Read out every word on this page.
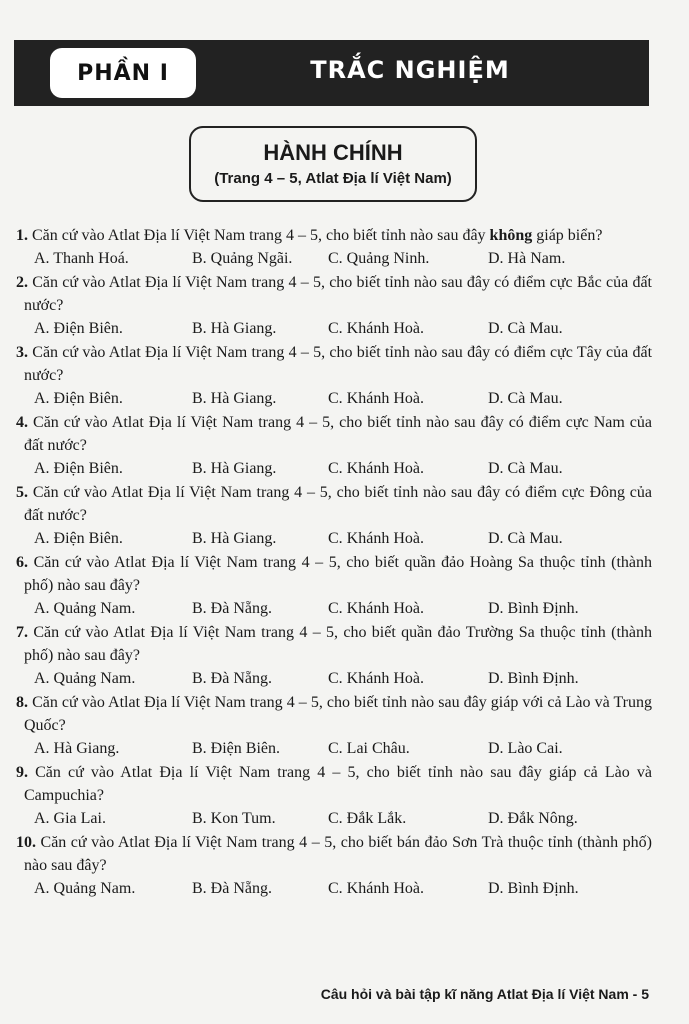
PHẦN I	TRẮC NGHIỆM
HÀNH CHÍNH
(Trang 4 – 5, Atlat Địa lí Việt Nam)
1. Căn cứ vào Atlat Địa lí Việt Nam trang 4 – 5, cho biết tỉnh nào sau đây không giáp biển?
A. Thanh Hoá.	B. Quảng Ngãi.	C. Quảng Ninh.	D. Hà Nam.
2. Căn cứ vào Atlat Địa lí Việt Nam trang 4 – 5, cho biết tỉnh nào sau đây có điểm cực Bắc của đất nước?
A. Điện Biên.	B. Hà Giang.	C. Khánh Hoà.	D. Cà Mau.
3. Căn cứ vào Atlat Địa lí Việt Nam trang 4 – 5, cho biết tỉnh nào sau đây có điểm cực Tây của đất nước?
A. Điện Biên.	B. Hà Giang.	C. Khánh Hoà.	D. Cà Mau.
4. Căn cứ vào Atlat Địa lí Việt Nam trang 4 – 5, cho biết tỉnh nào sau đây có điểm cực Nam của đất nước?
A. Điện Biên.	B. Hà Giang.	C. Khánh Hoà.	D. Cà Mau.
5. Căn cứ vào Atlat Địa lí Việt Nam trang 4 – 5, cho biết tỉnh nào sau đây có điểm cực Đông của đất nước?
A. Điện Biên.	B. Hà Giang.	C. Khánh Hoà.	D. Cà Mau.
6. Căn cứ vào Atlat Địa lí Việt Nam trang 4 – 5, cho biết quần đảo Hoàng Sa thuộc tỉnh (thành phố) nào sau đây?
A. Quảng Nam.	B. Đà Nẵng.	C. Khánh Hoà.	D. Bình Định.
7. Căn cứ vào Atlat Địa lí Việt Nam trang 4 – 5, cho biết quần đảo Trường Sa thuộc tỉnh (thành phố) nào sau đây?
A. Quảng Nam.	B. Đà Nẵng.	C. Khánh Hoà.	D. Bình Định.
8. Căn cứ vào Atlat Địa lí Việt Nam trang 4 – 5, cho biết tỉnh nào sau đây giáp với cả Lào và Trung Quốc?
A. Hà Giang.	B. Điện Biên.	C. Lai Châu.	D. Lào Cai.
9. Căn cứ vào Atlat Địa lí Việt Nam trang 4 – 5, cho biết tỉnh nào sau đây giáp cả Lào và Campuchia?
A. Gia Lai.	B. Kon Tum.	C. Đắk Lắk.	D. Đắk Nông.
10. Căn cứ vào Atlat Địa lí Việt Nam trang 4 – 5, cho biết bán đảo Sơn Trà thuộc tỉnh (thành phố) nào sau đây?
A. Quảng Nam.	B. Đà Nẵng.	C. Khánh Hoà.	D. Bình Định.
Câu hỏi và bài tập kĩ năng Atlat Địa lí Việt Nam - 5
